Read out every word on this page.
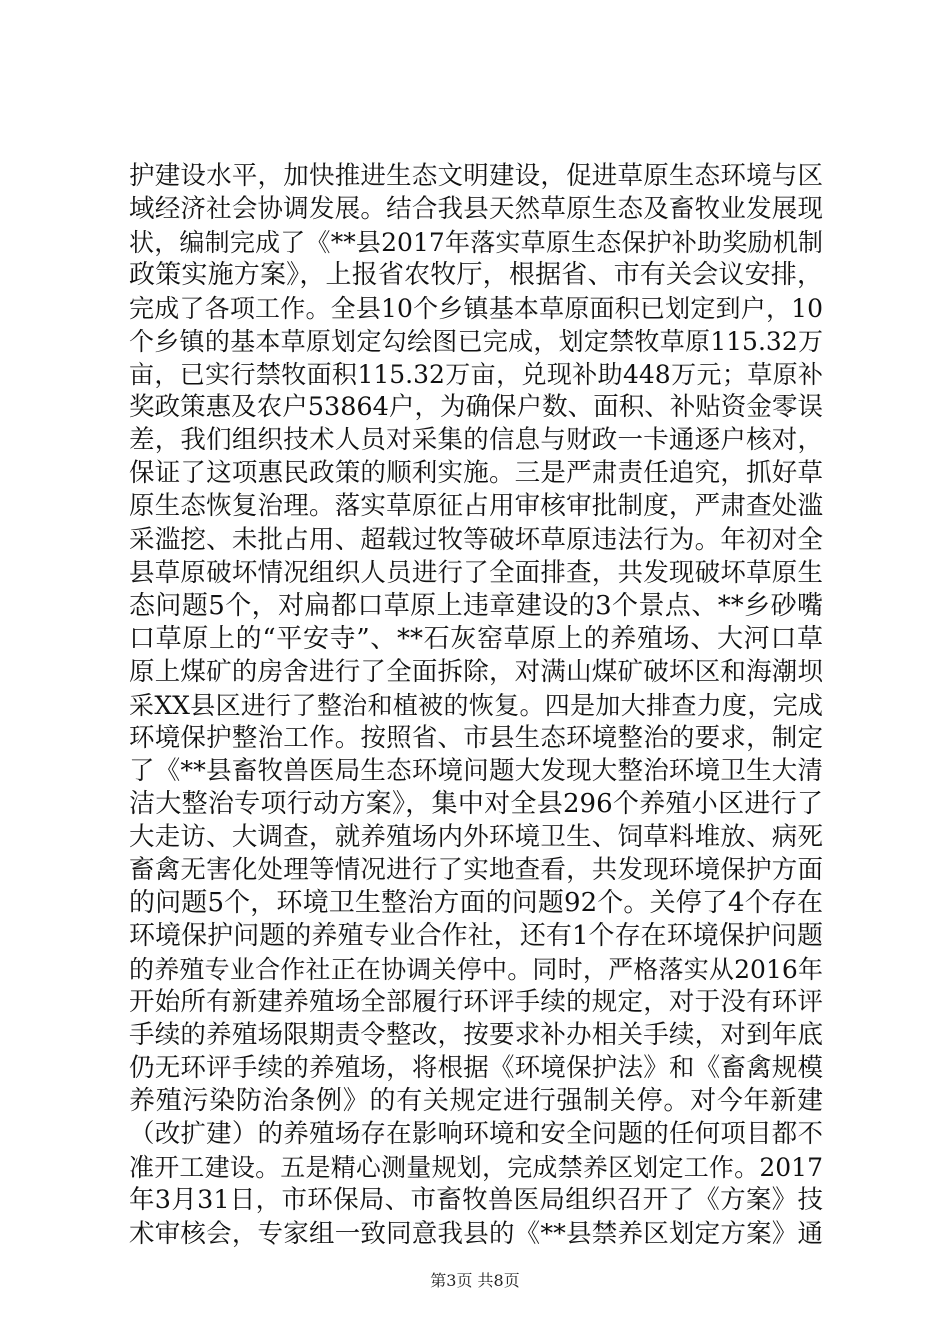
护建设水平，加快推进生态文明建设，促进草原生态环境与区
域经济社会协调发展。结合我县天然草原生态及畜牧业发展现
状，编制完成了《**县2017年落实草原生态保护补助奖励机制
政策实施方案》，上报省农牧厅，根据省、市有关会议安排，
完成了各项工作。全县10个乡镇基本草原面积已划定到户，10
个乡镇的基本草原划定勾绘图已完成，划定禁牧草原115.32万
亩，已实行禁牧面积115.32万亩，兑现补助448万元；草原补
奖政策惠及农户53864户，为确保户数、面积、补贴资金零误
差，我们组织技术人员对采集的信息与财政一卡通逐户核对，
保证了这项惠民政策的顺利实施。三是严肃责任追究，抓好草
原生态恢复治理。落实草原征占用审核审批制度，严肃查处滥
采滥挖、未批占用、超载过牧等破坏草原违法行为。年初对全
县草原破坏情况组织人员进行了全面排查，共发现破坏草原生
态问题5个，对扁都口草原上违章建设的3个景点、**乡砂嘴
口草原上的“平安寺”、**石灰窑草原上的养殖场、大河口草
原上煤矿的房舍进行了全面拆除，对满山煤矿破坏区和海潮坝
采XX县区进行了整治和植被的恢复。四是加大排查力度，完成
环境保护整治工作。按照省、市县生态环境整治的要求，制定
了《**县畜牧兽医局生态环境问题大发现大整治环境卫生大清
洁大整治专项行动方案》，集中对全县296个养殖小区进行了
大走访、大调查，就养殖场内外环境卫生、饲草料堆放、病死
畜禽无害化处理等情况进行了实地查看，共发现环境保护方面
的问题5个，环境卫生整治方面的问题92个。关停了4个存在
环境保护问题的养殖专业合作社，还有1个存在环境保护问题
的养殖专业合作社正在协调关停中。同时，严格落实从2016年
开始所有新建养殖场全部履行环评手续的规定，对于没有环评
手续的养殖场限期责令整改，按要求补办相关手续，对到年底
仍无环评手续的养殖场，将根据《环境保护法》和《畜禽规模
养殖污染防治条例》的有关规定进行强制关停。对今年新建
（改扩建）的养殖场存在影响环境和安全问题的任何项目都不
准开工建设。五是精心测量规划，完成禁养区划定工作。2017
年3月31日，市环保局、市畜牧兽医局组织召开了《方案》技
术审核会，专家组一致同意我县的《**县禁养区划定方案》通
第3页 共8页
